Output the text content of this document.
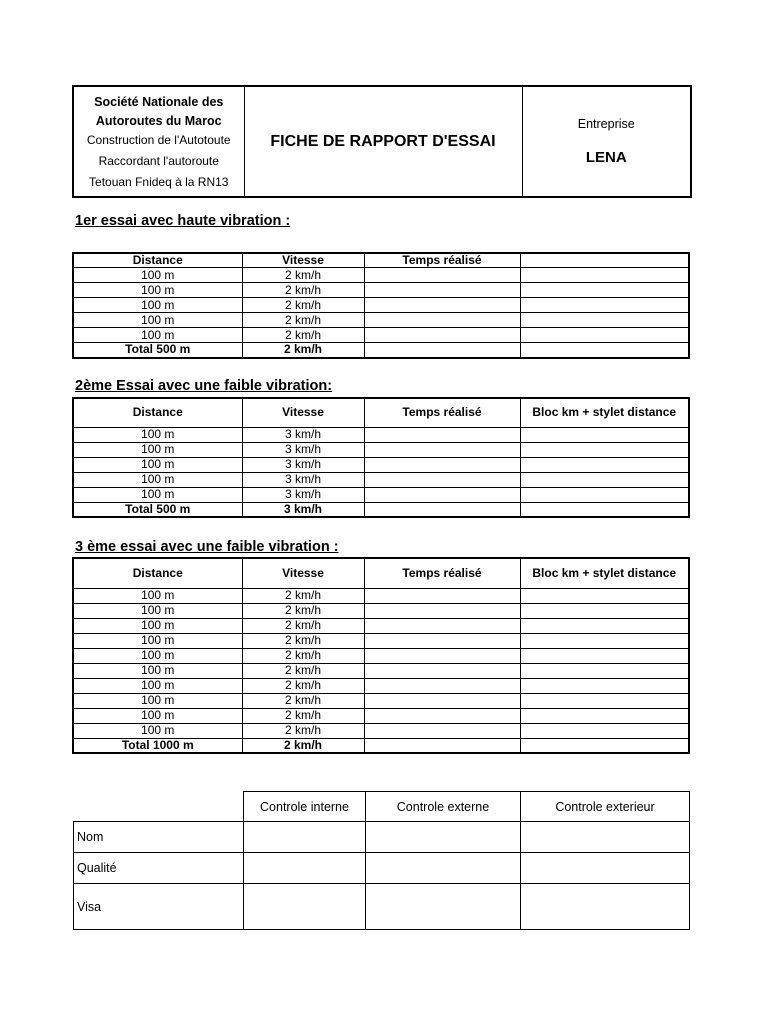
Société Nationale des
Autoroutes du Maroc
Construction de l'Autotoute
Raccordant l'autoroute
Tetouan Fnideq à la RN13
	FICHE DE RAPPORT D'ESSAI	
Entreprise
LENA
1er essai avec haute vibration :
Distance	Vitesse	Temps réalisé	
100 m	2 km/h		
100 m	2 km/h		
100 m	2 km/h		
100 m	2 km/h		
100 m	2 km/h		
Total 500 m	2 km/h		
2ème Essai avec une faible vibration:
Distance	Vitesse	Temps réalisé	Bloc km + stylet distance
100 m	3 km/h		
100 m	3 km/h		
100 m	3 km/h		
100 m	3 km/h		
100 m	3 km/h		
Total 500 m	3 km/h		
3 ème essai avec une faible vibration :
Distance	Vitesse	Temps réalisé	Bloc km + stylet distance
100 m	2 km/h		
100 m	2 km/h		
100 m	2 km/h		
100 m	2 km/h		
100 m	2 km/h		
100 m	2 km/h		
100 m	2 km/h		
100 m	2 km/h		
100 m	2 km/h		
100 m	2 km/h		
Total 1000 m	2 km/h		
	Controle interne	Controle externe	Controle exterieur
Nom			
Qualité			
Visa			
